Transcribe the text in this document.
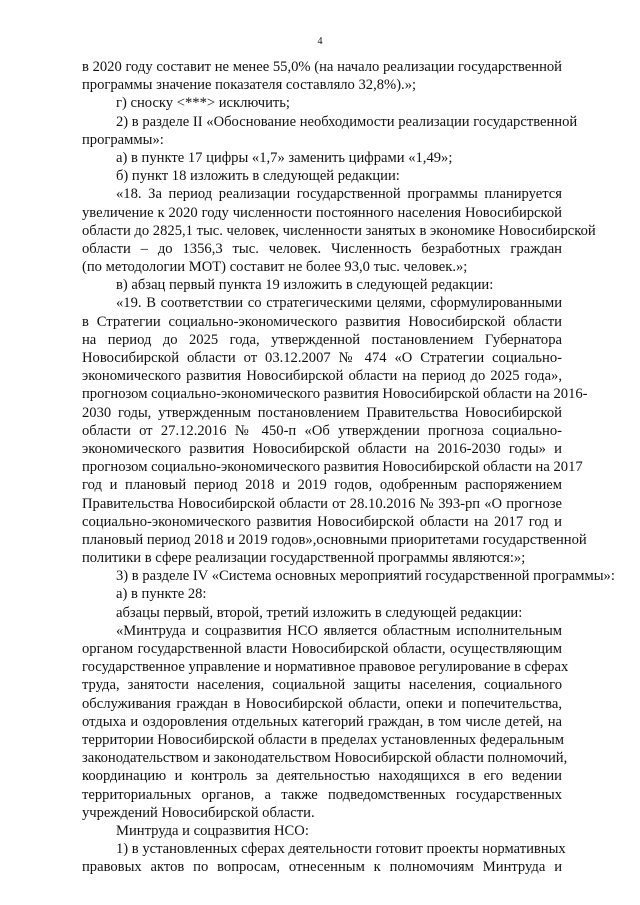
4
в 2020 году составит не менее 55,0% (на начало реализации государственной
программы значение показателя составляло 32,8%).»;
г) сноску <***> исключить;
2) в разделе II «Обоснование необходимости реализации государственной
программы»:
а) в пункте 17 цифры «1,7» заменить цифрами «1,49»;
б) пункт 18 изложить в следующей редакции:
«18. За период реализации государственной программы планируется
увеличение к 2020 году численности постоянного населения Новосибирской
области до 2825,1 тыс. человек, численности занятых в экономике Новосибирской
области – до 1356,3 тыс. человек. Численность безработных граждан
(по методологии МОТ) составит не более 93,0 тыс. человек.»;
в) абзац первый пункта 19 изложить в следующей редакции:
«19. В соответствии со стратегическими целями, сформулированными
в Стратегии социально-экономического развития Новосибирской области
на период до 2025 года, утвержденной постановлением Губернатора
Новосибирской области от 03.12.2007 № 474 «О Стратегии социально-
экономического развития Новосибирской области на период до 2025 года»,
прогнозом социально-экономического развития Новосибирской области на 2016-
2030 годы, утвержденным постановлением Правительства Новосибирской
области от 27.12.2016 № 450-п «Об утверждении прогноза социально-
экономического развития Новосибирской области на 2016-2030 годы» и
прогнозом социально-экономического развития Новосибирской области на 2017
год и плановый период 2018 и 2019 годов, одобренным распоряжением
Правительства Новосибирской области от 28.10.2016 № 393-рп «О прогнозе
социально-экономического развития Новосибирской области на 2017 год и
плановый период 2018 и 2019 годов»,основными приоритетами государственной
политики в сфере реализации государственной программы являются:»;
3) в разделе IV «Система основных мероприятий государственной программы»:
а) в пункте 28:
абзацы первый, второй, третий изложить в следующей редакции:
«Минтруда и соцразвития НСО является областным исполнительным
органом государственной власти Новосибирской области, осуществляющим
государственное управление и нормативное правовое регулирование в сферах
труда, занятости населения, социальной защиты населения, социального
обслуживания граждан в Новосибирской области, опеки и попечительства,
отдыха и оздоровления отдельных категорий граждан, в том числе детей, на
территории Новосибирской области в пределах установленных федеральным
законодательством и законодательством Новосибирской области полномочий,
координацию и контроль за деятельностью находящихся в его ведении
территориальных органов, а также подведомственных государственных
учреждений Новосибирской области.
Минтруда и соцразвития НСО:
1) в установленных сферах деятельности готовит проекты нормативных
правовых актов по вопросам, отнесенным к полномочиям Минтруда и
